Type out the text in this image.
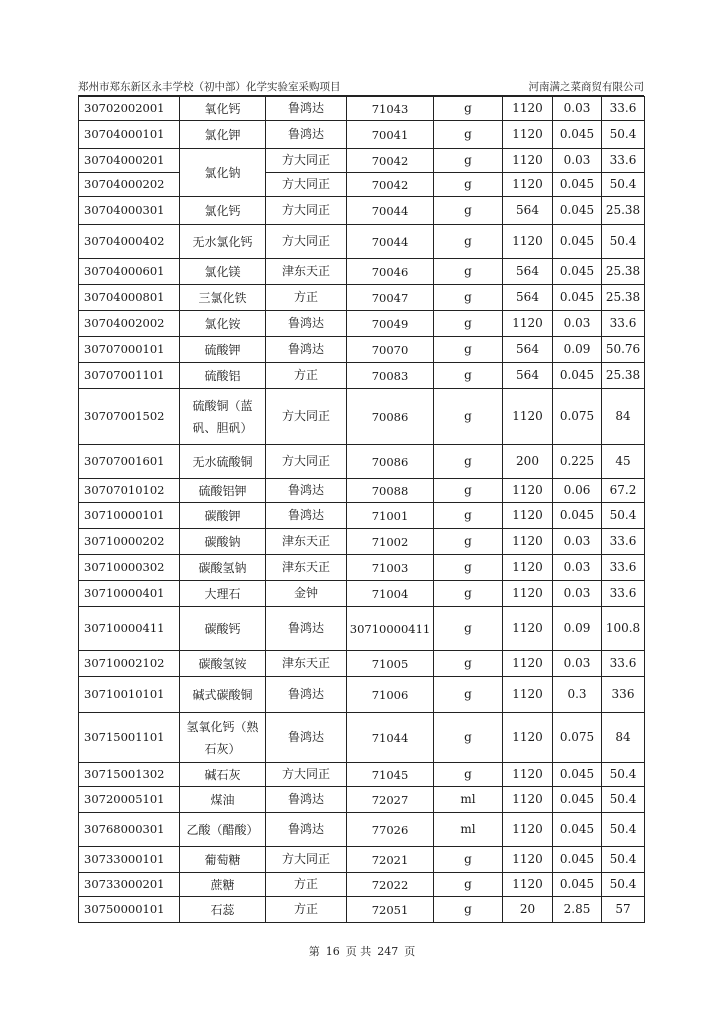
郑州市郑东新区永丰学校（初中部）化学实验室采购项目	河南满之菜商贸有限公司
30702002001	氧化钙	鲁鸿达	71043	g	1120	0.03	33.6
30704000101	氯化钾	鲁鸿达	70041	g	1120	0.045	50.4
30704000201	氯化钠	方大同正	70042	g	1120	0.03	33.6
30704000202		方大同正	70042	g	1120	0.045	50.4
30704000301	氯化钙	方大同正	70044	g	564	0.045	25.38
30704000402	无水氯化钙	方大同正	70044	g	1120	0.045	50.4
30704000601	氯化镁	津东天正	70046	g	564	0.045	25.38
30704000801	三氯化铁	方正	70047	g	564	0.045	25.38
30704002002	氯化铵	鲁鸿达	70049	g	1120	0.03	33.6
30707000101	硫酸钾	鲁鸿达	70070	g	564	0.09	50.76
30707001101	硫酸铝	方正	70083	g	564	0.045	25.38
30707001502	硫酸铜（蓝矾、胆矾）	方大同正	70086	g	1120	0.075	84
30707001601	无水硫酸铜	方大同正	70086	g	200	0.225	45
30707010102	硫酸铝钾	鲁鸿达	70088	g	1120	0.06	67.2
30710000101	碳酸钾	鲁鸿达	71001	g	1120	0.045	50.4
30710000202	碳酸钠	津东天正	71002	g	1120	0.03	33.6
30710000302	碳酸氢钠	津东天正	71003	g	1120	0.03	33.6
30710000401	大理石	金钟	71004	g	1120	0.03	33.6
30710000411	碳酸钙	鲁鸿达	30710000411	g	1120	0.09	100.8
30710002102	碳酸氢铵	津东天正	71005	g	1120	0.03	33.6
30710010101	碱式碳酸铜	鲁鸿达	71006	g	1120	0.3	336
30715001101	氢氧化钙（熟石灰）	鲁鸿达	71044	g	1120	0.075	84
30715001302	碱石灰	方大同正	71045	g	1120	0.045	50.4
30720005101	煤油	鲁鸿达	72027	ml	1120	0.045	50.4
30768000301	乙酸（醋酸）	鲁鸿达	77026	ml	1120	0.045	50.4
30733000101	葡萄糖	方大同正	72021	g	1120	0.045	50.4
30733000201	蔗糖	方正	72022	g	1120	0.045	50.4
30750000101	石蕊	方正	72051	g	20	2.85	57
第 16 页 共 247 页
